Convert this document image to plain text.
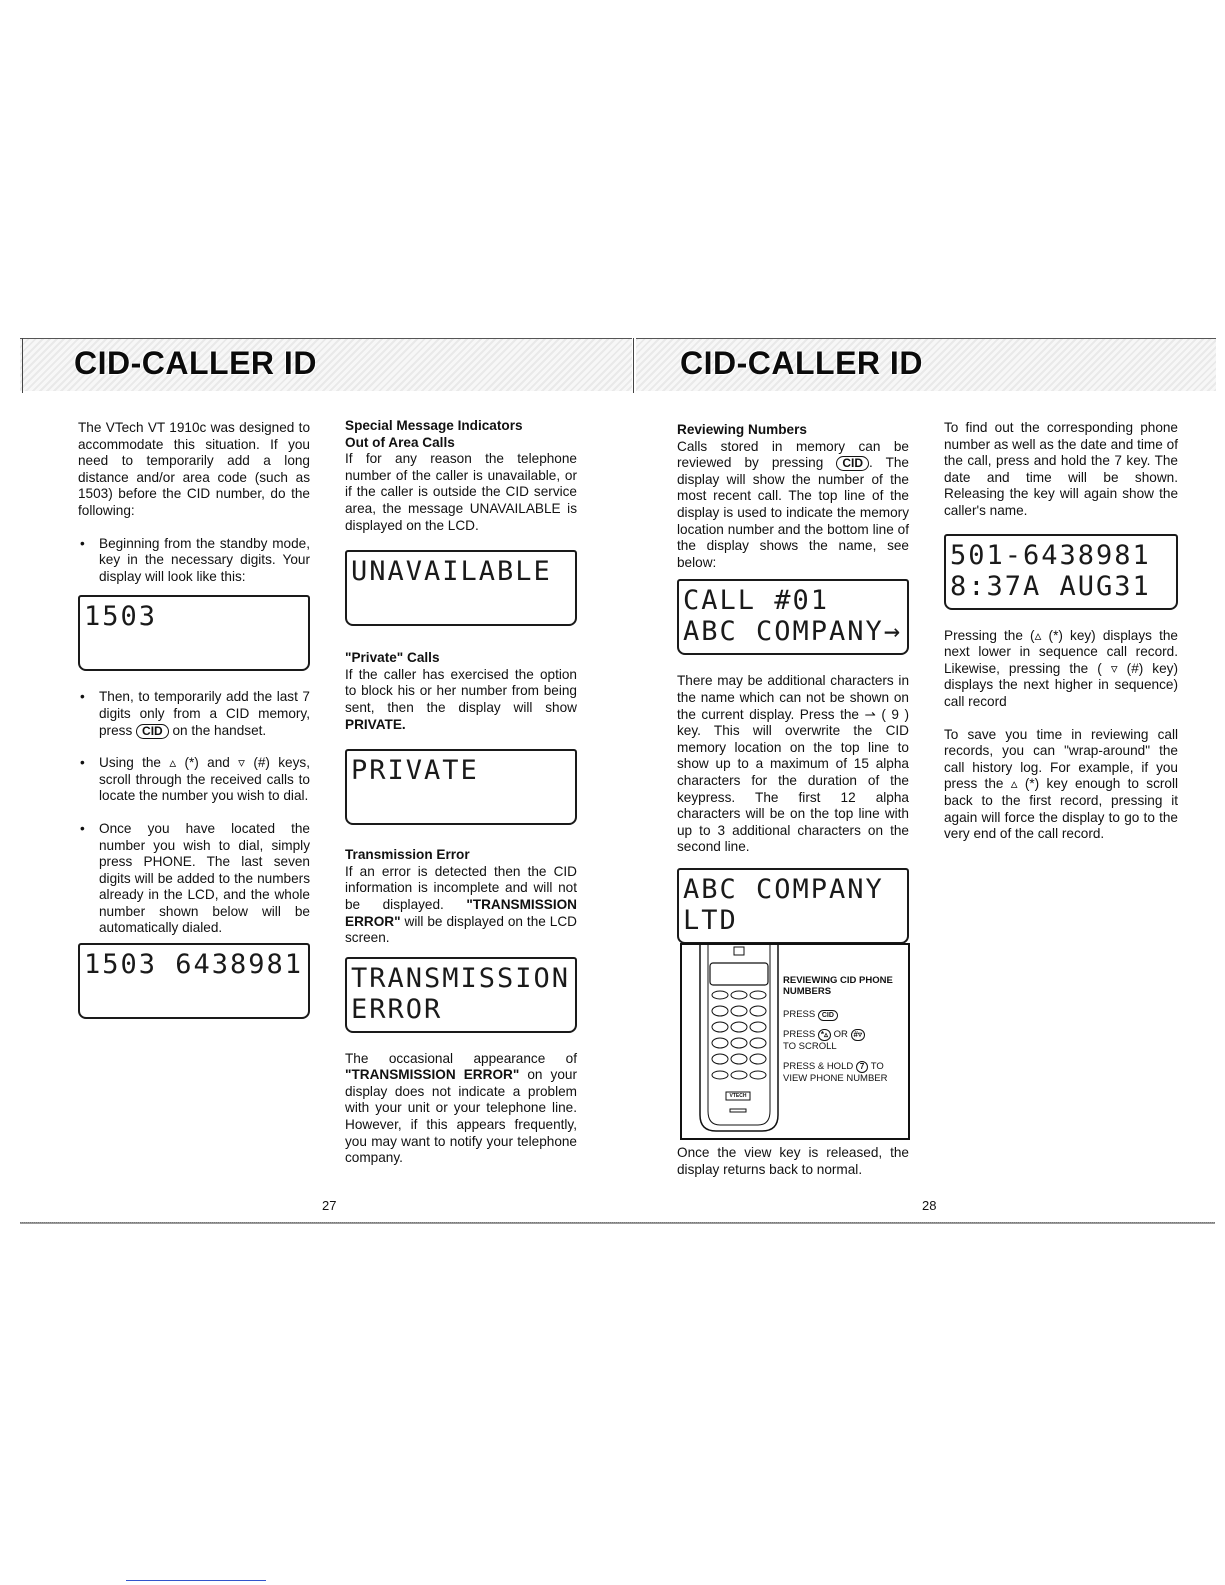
CID-CALLER ID	CID-CALLER ID

The VTech VT 1910c was designed to accommodate this situation. If you need to temporarily add a long distance and/or area code (such as 1503) before the CID number, do the following:

• Beginning from the standby mode, key in the necessary digits. Your display will look like this:
1503
• Then, to temporarily add the last 7 digits only from a CID memory, press CID on the handset.
• Using the ▵ (*) and ▿ (#) keys, scroll through the received calls to locate the number you wish to dial.
• Once you have located the number you wish to dial, simply press PHONE. The last seven digits will be added to the numbers already in the LCD, and the whole number shown below will be automatically dialed.
1503 6438981
Special Message Indicators
Out of Area Calls

If for any reason the telephone number of the caller is unavailable, or if the caller is outside the CID service area, the message UNAVAILABLE is displayed on the LCD.

UNAVAILABLE
"Private" Calls

If the caller has exercised the option to block his or her number from being sent, then the display will show PRIVATE.

PRIVATE
Transmission Error

If an error is detected then the CID information is incomplete and will not be displayed. "TRANSMISSION ERROR" will be displayed on the LCD screen.

TRANSMISSION
ERROR

The occasional appearance of "TRANSMISSION ERROR" on your display does not indicate a problem with your unit or your telephone line. However, if this appears frequently, you may want to notify your telephone company.

27
Reviewing Numbers

Calls stored in memory can be reviewed by pressing CID . The display will show the number of the most recent call. The top line of the display is used to indicate the memory location number and the bottom line of the display shows the name, see below:

CALL #01
ABC COMPANY→

There may be additional characters in the name which can not be shown on the current display. Press the ⇀ ( 9 ) key. This will overwrite the CID memory location on the top line to show up to a maximum of 15 alpha characters for the duration of the keypress. The first 12 alpha characters will be on the top line with up to 3 additional characters on the second line.

ABC COMPANY
LTD
REVIEWING CID PHONE NUMBERS
PRESS CID
PRESS *▵ OR #▿
TO SCROLL
PRESS & HOLD 7 TO VIEW PHONE NUMBER
VTECH

Once the view key is released, the display returns back to normal.

To find out the corresponding phone number as well as the date and time of the call, press and hold the 7 key. The date and time will be shown. Releasing the key will again show the caller's name.

501-6438981
8:37A AUG31

Pressing the (▵ (*) key) displays the next lower in sequence call record. Likewise, pressing the ( ▿ (#) key) displays the next higher in sequence) call record

To save you time in reviewing call records, you can "wrap-around" the call history log. For example, if you press the ▵ (*) key enough to scroll back to the first record, pressing it again will force the display to go to the very end of the call record.

28
